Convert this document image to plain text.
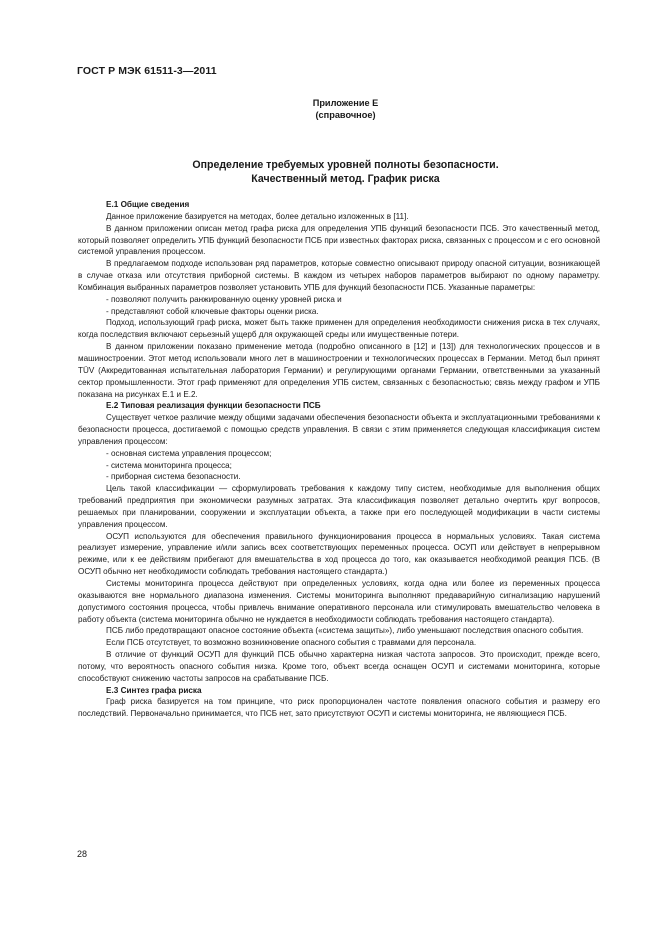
ГОСТ Р МЭК 61511-3—2011
Приложение Е
(справочное)
Определение требуемых уровней полноты безопасности.
Качественный метод. График риска
Е.1 Общие сведения

Данное приложение базируется на методах, более детально изложенных в [11].

В данном приложении описан метод графа риска для определения УПБ функций безопасности ПСБ. Это качественный метод, который позволяет определить УПБ функций безопасности ПСБ при известных факторах риска, связанных с процессом и с его основной системой управления процессом.

В предлагаемом подходе использован ряд параметров, которые совместно описывают природу опасной ситуации, возникающей в случае отказа или отсутствия приборной системы. В каждом из четырех наборов параметров выбирают по одному параметру. Комбинация выбранных параметров позволяет установить УПБ для функций безопасности ПСБ. Указанные параметры:

- позволяют получить ранжированную оценку уровней риска и

- представляют собой ключевые факторы оценки риска.

Подход, использующий граф риска, может быть также применен для определения необходимости снижения риска в тех случаях, когда последствия включают серьезный ущерб для окружающей среды или имущественные потери.

В данном приложении показано применение метода (подробно описанного в [12] и [13]) для технологических процессов и в машиностроении. Этот метод использовали много лет в машиностроении и технологических процессах в Германии. Метод был принят TÜV (Аккредитованная испытательная лаборатория Германии) и регулирующими органами Германии, ответственными за указанный сектор промышленности. Этот граф применяют для определения УПБ систем, связанных с безопасностью; связь между графом и УПБ показана на рисунках Е.1 и Е.2.

Е.2 Типовая реализация функции безопасности ПСБ

Существует четкое различие между общими задачами обеспечения безопасности объекта и эксплуатационными требованиями к безопасности процесса, достигаемой с помощью средств управления. В связи с этим применяется следующая классификация систем управления процессом:

- основная система управления процессом;

- система мониторинга процесса;

- приборная система безопасности.

Цель такой классификации — сформулировать требования к каждому типу систем, необходимые для выполнения общих требований предприятия при экономически разумных затратах. Эта классификация позволяет детально очертить круг вопросов, решаемых при планировании, сооружении и эксплуатации объекта, а также при его последующей модификации в части системы управления процессом.

ОСУП используются для обеспечения правильного функционирования процесса в нормальных условиях. Такая система реализует измерение, управление и/или запись всех соответствующих переменных процесса. ОСУП или действует в непрерывном режиме, или к ее действиям прибегают для вмешательства в ход процесса до того, как оказывается необходимой реакция ПСБ. (В ОСУП обычно нет необходимости соблюдать требования настоящего стандарта.)

Системы мониторинга процесса действуют при определенных условиях, когда одна или более из переменных процесса оказываются вне нормального диапазона изменения. Системы мониторинга выполняют предаварийную сигнализацию нарушений допустимого состояния процесса, чтобы привлечь внимание оперативного персонала или стимулировать вмешательство человека в работу объекта (система мониторинга обычно не нуждается в необходимости соблюдать требования настоящего стандарта).

ПСБ либо предотвращают опасное состояние объекта («система защиты»), либо уменьшают последствия опасного события.

Если ПСБ отсутствует, то возможно возникновение опасного события с травмами для персонала.

В отличие от функций ОСУП для функций ПСБ обычно характерна низкая частота запросов. Это происходит, прежде всего, потому, что вероятность опасного события низка. Кроме того, объект всегда оснащен ОСУП и системами мониторинга, которые способствуют снижению частоты запросов на срабатывание ПСБ.

Е.3 Синтез графа риска

Граф риска базируется на том принципе, что риск пропорционален частоте появления опасного события и размеру его последствий. Первоначально принимается, что ПСБ нет, зато присутствуют ОСУП и системы мониторинга, не являющиеся ПСБ.

28
